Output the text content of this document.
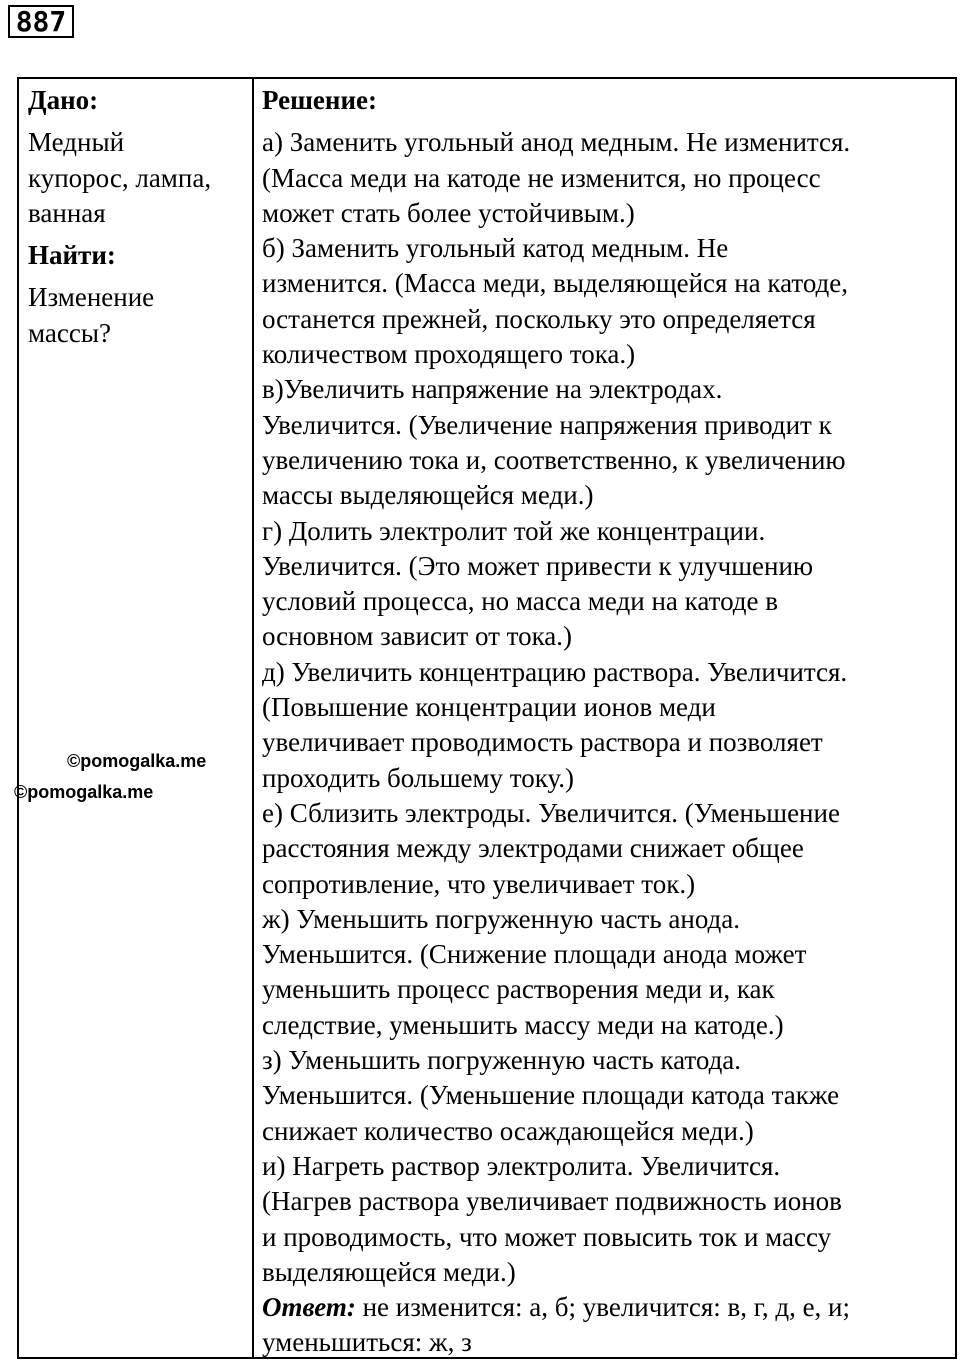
887
Дано:
Медный
купорос, лампа,
ванная
Найти:
Изменение
массы?
Решение:
а) Заменить угольный анод медным. Не изменится.
(Масса меди на катоде не изменится, но процесс
может стать более устойчивым.)
б) Заменить угольный катод медным. Не
изменится. (Масса меди, выделяющейся на катоде,
останется прежней, поскольку это определяется
количеством проходящего тока.)
в)Увеличить напряжение на электродах.
Увеличится. (Увеличение напряжения приводит к
увеличению тока и, соответственно, к увеличению
массы выделяющейся меди.)
г) Долить электролит той же концентрации.
Увеличится. (Это может привести к улучшению
условий процесса, но масса меди на катоде в
основном зависит от тока.)
д) Увеличить концентрацию раствора. Увеличится.
(Повышение концентрации ионов меди
увеличивает проводимость раствора и позволяет
проходить большему току.)
е) Сблизить электроды. Увеличится. (Уменьшение
расстояния между электродами снижает общее
сопротивление, что увеличивает ток.)
ж) Уменьшить погруженную часть анода.
Уменьшится. (Снижение площади анода может
уменьшить процесс растворения меди и, как
следствие, уменьшить массу меди на катоде.)
з) Уменьшить погруженную часть катода.
Уменьшится. (Уменьшение площади катода также
снижает количество осаждающейся меди.)
и) Нагреть раствор электролита. Увеличится.
(Нагрев раствора увеличивает подвижность ионов
и проводимость, что может повысить ток и массу
выделяющейся меди.)
Ответ: не изменится: а, б; увеличится: в, г, д, е, и;
уменьшиться: ж, з
©pomogalka.me
©pomogalka.me
